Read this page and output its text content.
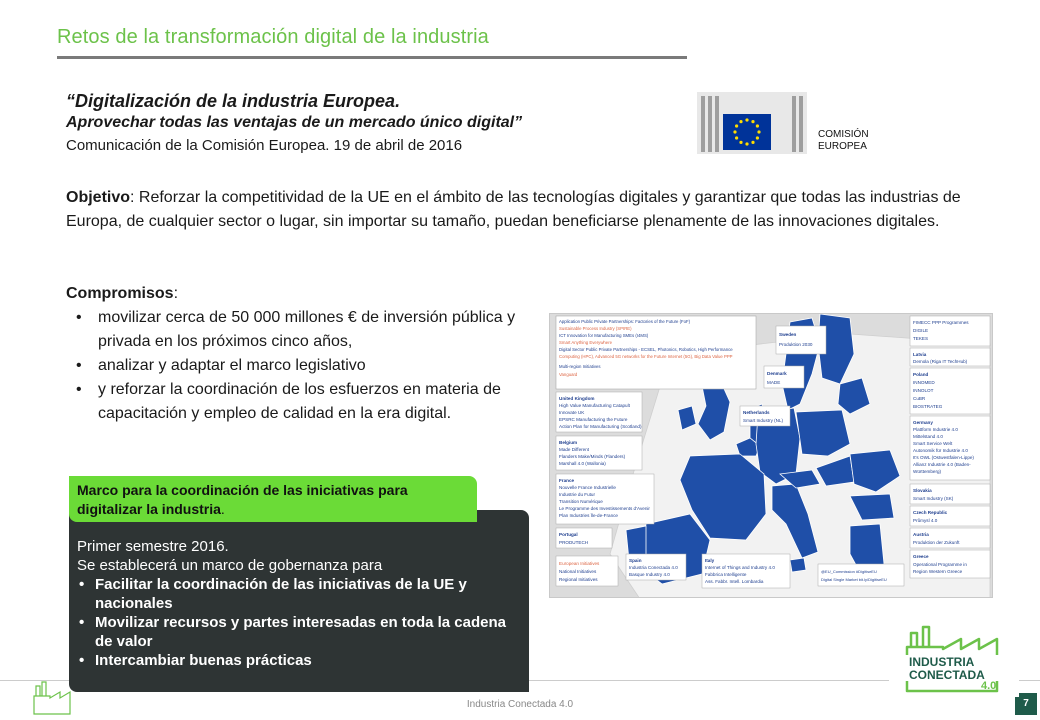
Retos de la transformación digital de la industria
“Digitalización de la industria Europea.
Aprovechar todas las ventajas de un mercado único digital”
Comunicación de la Comisión Europea. 19 de abril de 2016
COMISIÓN
EUROPEA
Objetivo: Reforzar la competitividad de la UE en el ámbito de las tecnologías digitales y garantizar que todas las industrias de Europa, de cualquier sector o lugar, sin importar su tamaño, puedan beneficiarse plenamente de las innovaciones digitales.
Compromisos:
• movilizar cerca de 50 000 millones € de inversión pública y privada en los próximos cinco años,
• analizar y adaptar el marco legislativo
• y reforzar la coordinación de los esfuerzos en materia de capacitación y empleo de calidad en la era digital.
Application Public Private Partnerships: Factories of the Future (FoF)
Sustainable Process Industry (SPIRE)
ICT Innovation for Manufacturing SMEs (I4MS)
Smart Anything Everywhere
Digital Sector Public Private Partnerships - ECSEL, Photonics, Robotics, High Performance
Computing (HPC), Advanced 5G networks for the Future Internet (5G), Big Data Value PPP
Multi-region Initiatives
Vanguard
FIMECC PPP Programmes
DIGILE
TEKES
Sweden
Produktion 2030
Latvia
Demola (Riga IT TechHub)
Denmark
MADE
Poland
INNOMED
INNOLOT
CuBR
BIOSTRATEG
United Kingdom
High Value Manufacturing Catapult
Innovate UK
EPSRC Manufacturing the Future
Action Plan for Manufacturing (Scotland)
Netherlands
Smart Industry (NL)	Germany
Plattform Industrie 4.0
Mittelstand 4.0
Smart Service Welt
Autonomik für Industrie 4.0
It's OWL (Ostwestfalen-Lippe)
Allianz Industrie 4.0 (Baden-
Württemberg)
Belgium
Made Different
Flanders Make/Minds (Flanders)
Marshall 4.0 (Wallonia)
France
Nouvelle France Industrielle
Industrie du Futur
Transition Numérique
Le Programme des Investissements d'Avenir
Plan Industries Île-de-France
Slovakia
Smart Industry (SK)
Czech Republic
Průmysl 4.0
Austria
Produktion der Zukunft
Portugal
PRODUTECH
Greece
Operational Programme in
Region Western Greece
Spain
Industria Conectada 4.0
Basque Industry 4.0
Italy
Internet of Things and Industry 4.0
Fabbrica Intelligente
Ass. Fabbr. Intell. Lombardia
@EU_Commission #DigitiseEU
Digital Single Market bit.ly/DigitiseEU
European Initiatives
National Initiatives
Regional Initiatives
Marco para la coordinación de las iniciativas para digitalizar la industria.
Primer semestre 2016.
Se establecerá un marco de gobernanza para
• Facilitar la coordinación de las iniciativas de la UE y nacionales
• Movilizar recursos y partes interesadas en toda la cadena de valor
• Intercambiar buenas prácticas
Industria Conectada 4.0	7
INDUSTRIA
CONECTADA
4.0
